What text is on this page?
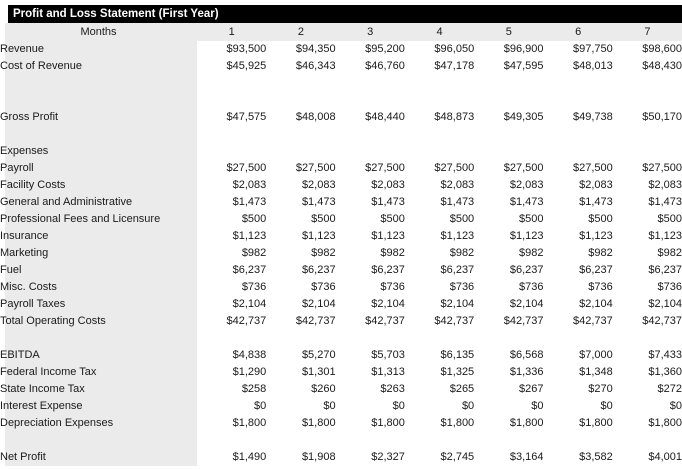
Profit and Loss Statement (First Year)
Months	1	2	3	4	5	6	7
Revenue	$93,500	$94,350	$95,200	$96,050	$96,900	$97,750	$98,600
Cost of Revenue	$45,925	$46,343	$46,760	$47,178	$47,595	$48,013	$48,430

Gross Profit	$47,575	$48,008	$48,440	$48,873	$49,305	$49,738	$50,170

Expenses							
Payroll	$27,500	$27,500	$27,500	$27,500	$27,500	$27,500	$27,500
Facility Costs	$2,083	$2,083	$2,083	$2,083	$2,083	$2,083	$2,083
General and Administrative	$1,473	$1,473	$1,473	$1,473	$1,473	$1,473	$1,473
Professional Fees and Licensure	$500	$500	$500	$500	$500	$500	$500
Insurance	$1,123	$1,123	$1,123	$1,123	$1,123	$1,123	$1,123
Marketing	$982	$982	$982	$982	$982	$982	$982
Fuel	$6,237	$6,237	$6,237	$6,237	$6,237	$6,237	$6,237
Misc. Costs	$736	$736	$736	$736	$736	$736	$736
Payroll Taxes	$2,104	$2,104	$2,104	$2,104	$2,104	$2,104	$2,104
Total Operating Costs	$42,737	$42,737	$42,737	$42,737	$42,737	$42,737	$42,737

EBITDA	$4,838	$5,270	$5,703	$6,135	$6,568	$7,000	$7,433
Federal Income Tax	$1,290	$1,301	$1,313	$1,325	$1,336	$1,348	$1,360
State Income Tax	$258	$260	$263	$265	$267	$270	$272
Interest Expense	$0	$0	$0	$0	$0	$0	$0
Depreciation Expenses	$1,800	$1,800	$1,800	$1,800	$1,800	$1,800	$1,800

Net Profit	$1,490	$1,908	$2,327	$2,745	$3,164	$3,582	$4,001
